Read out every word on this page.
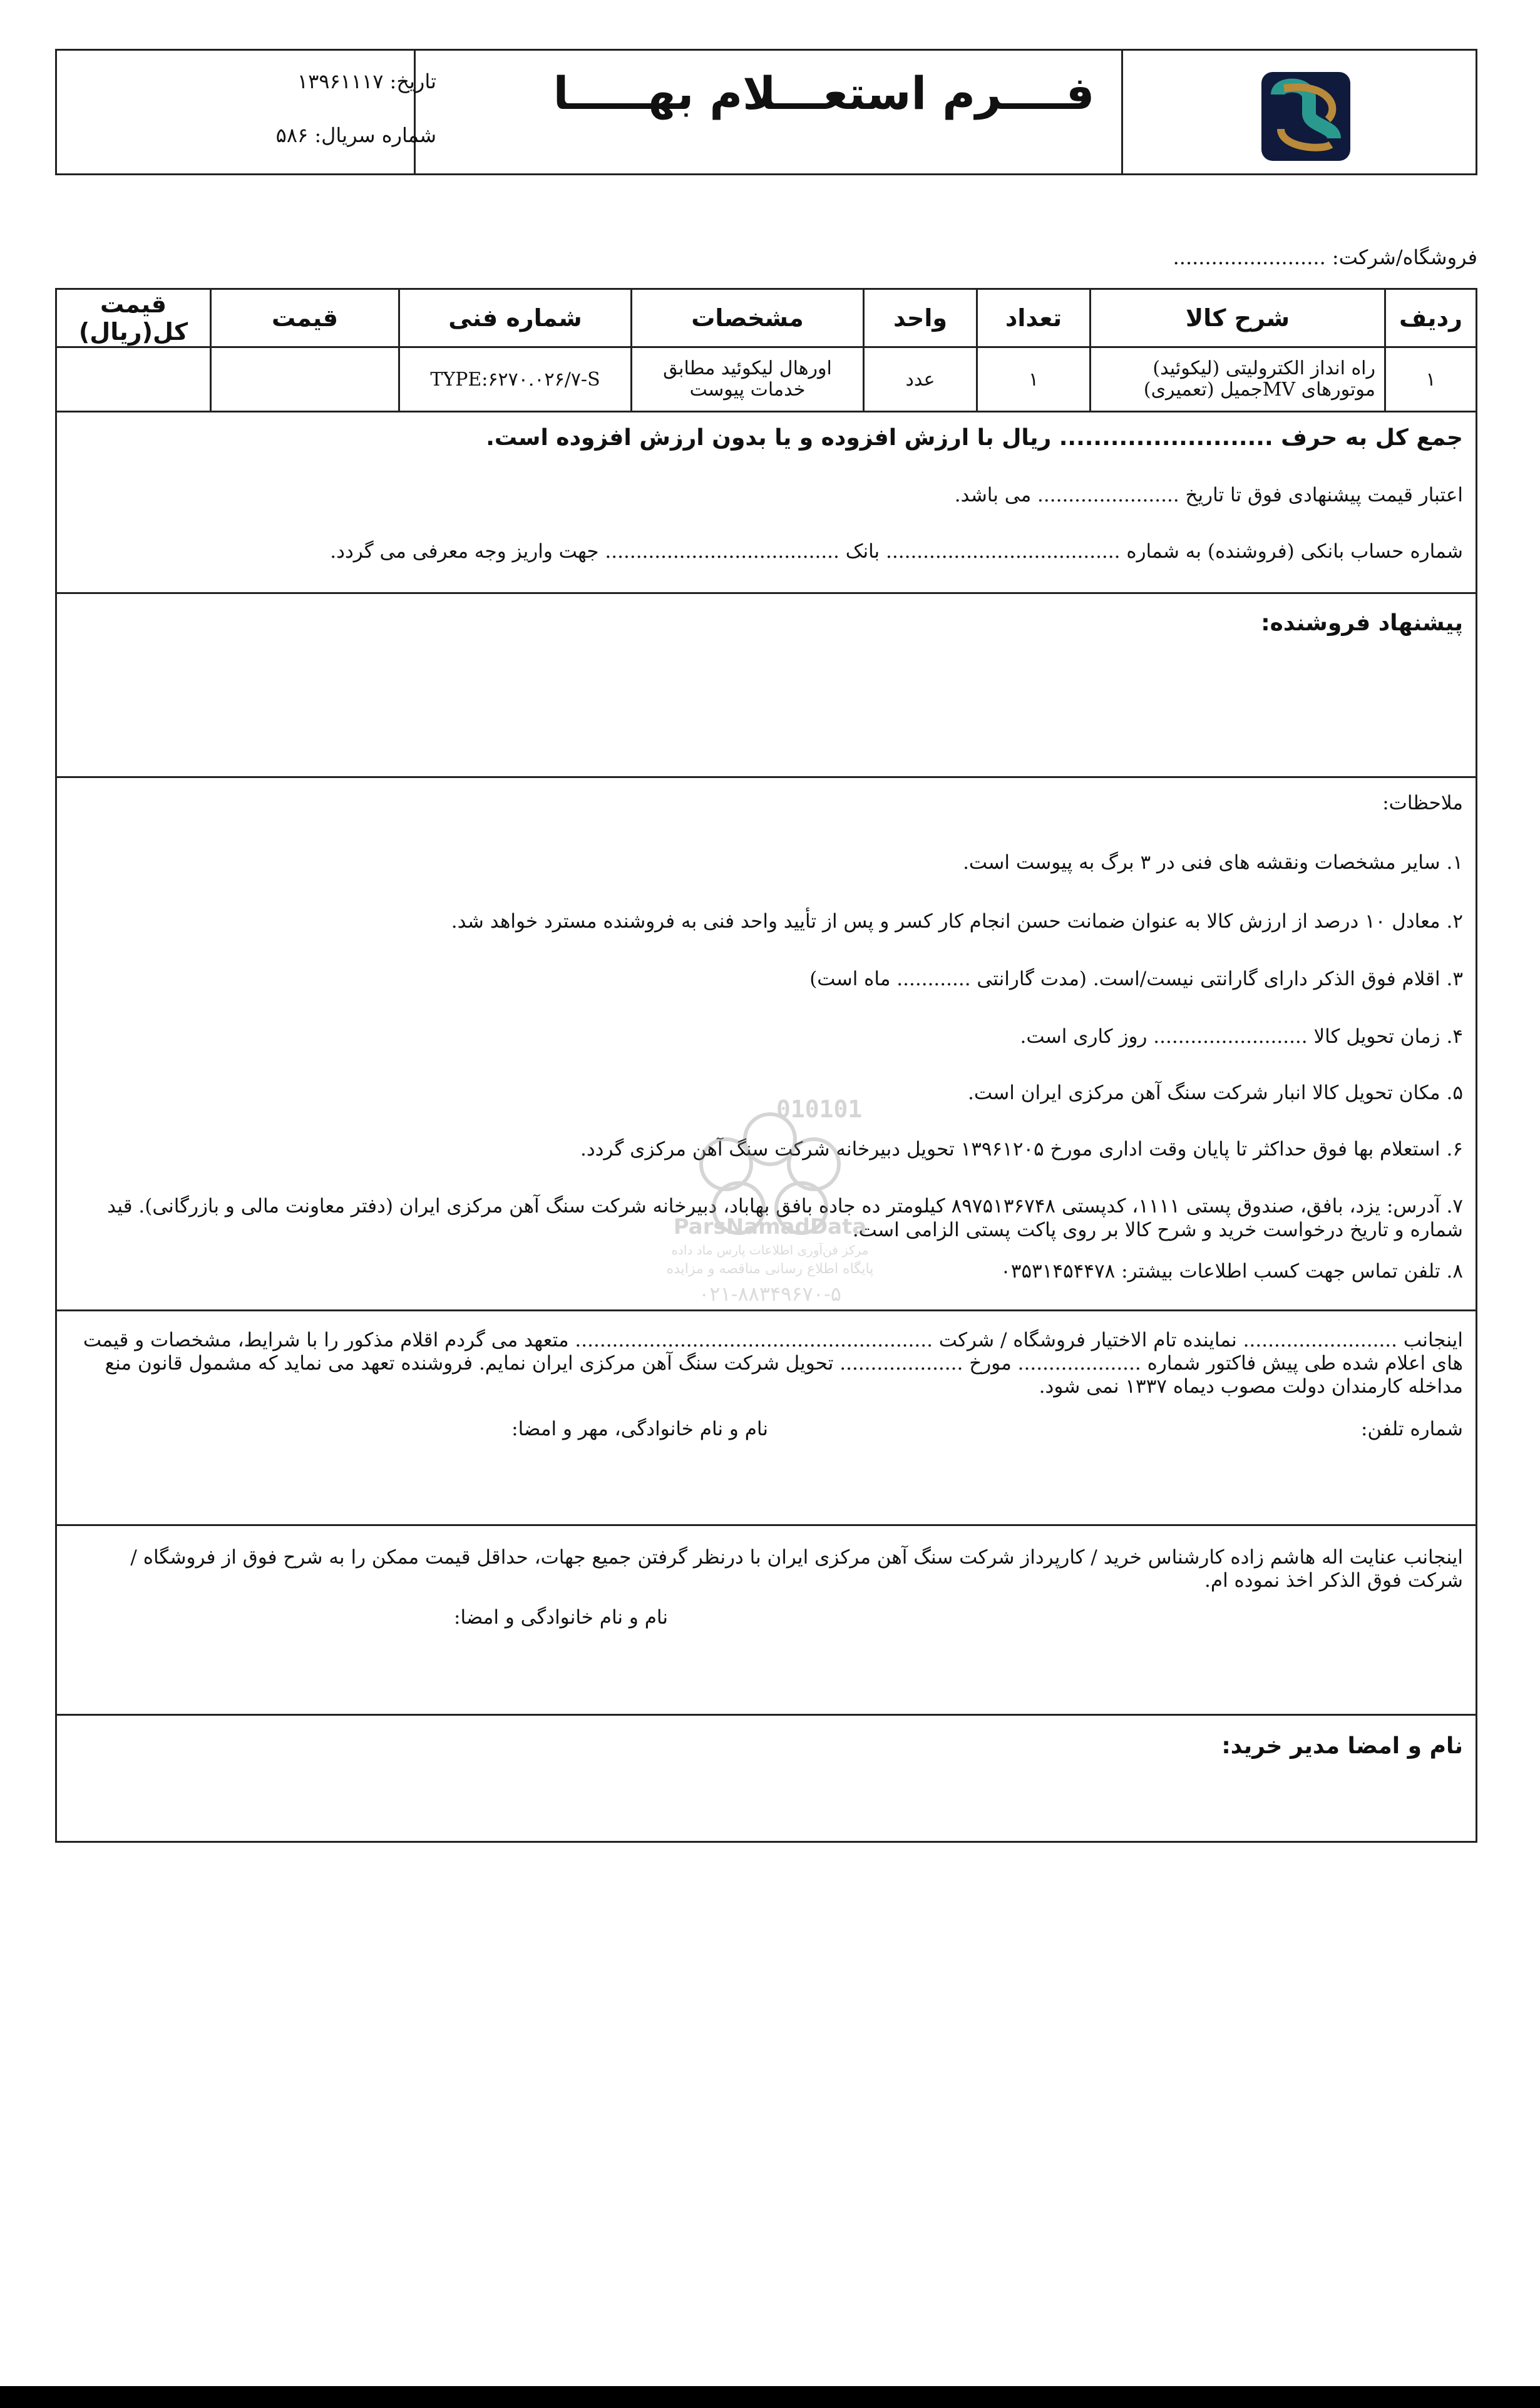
تاریخ: ۱۳۹۶۱۱۱۷
شماره سریال: ۵۸۶
فــــرم استعـــلام بهـــــا
فروشگاه/شرکت: ........................
ردیف	شرح کالا	تعداد	واحد	مشخصات	شماره فنی	قیمت	قیمت کل(ریال)
۱	راه انداز الکترولیتی (لیکوئید) موتورهای MVجمیل (تعمیری)	۱	عدد	اورهال لیکوئید مطابق خدمات پیوست	TYPE:۶۲۷۰.۰۲۶/۷-S		
جمع کل به حرف ......................... ریال با ارزش افزوده و یا بدون ارزش افزوده است.
اعتبار قیمت پیشنهادی فوق تا تاریخ ....................... می باشد.
شماره حساب بانکی (فروشنده) به شماره ...................................... بانک ...................................... جهت واریز وجه معرفی می گردد.
پیشنهاد فروشنده:
ملاحظات:
۱. سایر مشخصات ونقشه های فنی در ۳ برگ به پیوست است.
۲. معادل ۱۰ درصد از ارزش کالا به عنوان ضمانت حسن انجام کار کسر و پس از تأیید واحد فنی به فروشنده مسترد خواهد شد.
۳. اقلام فوق الذکر دارای گارانتی نیست/است. (مدت گارانتی ............ ماه است)
۴. زمان تحویل کالا ......................... روز کاری است.
۵. مکان تحویل کالا انبار شرکت سنگ آهن مرکزی ایران است.
۶. استعلام بها فوق حداکثر تا پایان وقت اداری مورخ ۱۳۹۶۱۲۰۵ تحویل دبیرخانه شرکت سنگ آهن مرکزی گردد.
۷. آدرس: یزد، بافق، صندوق پستی ۱۱۱۱، کدپستی ۸۹۷۵۱۳۶۷۴۸ کیلومتر ده جاده بافق بهاباد، دبیرخانه شرکت سنگ آهن مرکزی ایران (دفتر معاونت مالی و بازرگانی). قید شماره و تاریخ درخواست خرید و شرح کالا بر روی پاکت پستی الزامی است.
۸. تلفن تماس جهت کسب اطلاعات بیشتر: ۰۳۵۳۱۴۵۴۴۷۸
010101
ParsNamadData
مرکز فن‌آوری اطلاعات پارس ماد داده
پایگاه اطلاع رسانی مناقصه و مزایده
۰۲۱-۸۸۳۴۹۶۷۰-۵
اینجانب ......................... نماینده تام الاختیار فروشگاه / شرکت .......................................................... متعهد می گردم اقلام مذکور را با شرایط، مشخصات و قیمت های اعلام شده طی پیش فاکتور شماره .................... مورخ .................... تحویل شرکت سنگ آهن مرکزی ایران نمایم. فروشنده تعهد می نماید که مشمول قانون منع مداخله کارمندان دولت مصوب دیماه ۱۳۳۷ نمی شود.
شماره تلفن:
نام و نام خانوادگی، مهر و امضا:
اینجانب عنایت اله هاشم زاده کارشناس خرید / کارپرداز شرکت سنگ آهن مرکزی ایران با درنظر گرفتن جمیع جهات، حداقل قیمت ممکن را به شرح فوق از فروشگاه / شرکت فوق الذکر اخذ نموده ام.
نام و نام خانوادگی و امضا:
نام و امضا مدیر خرید:
